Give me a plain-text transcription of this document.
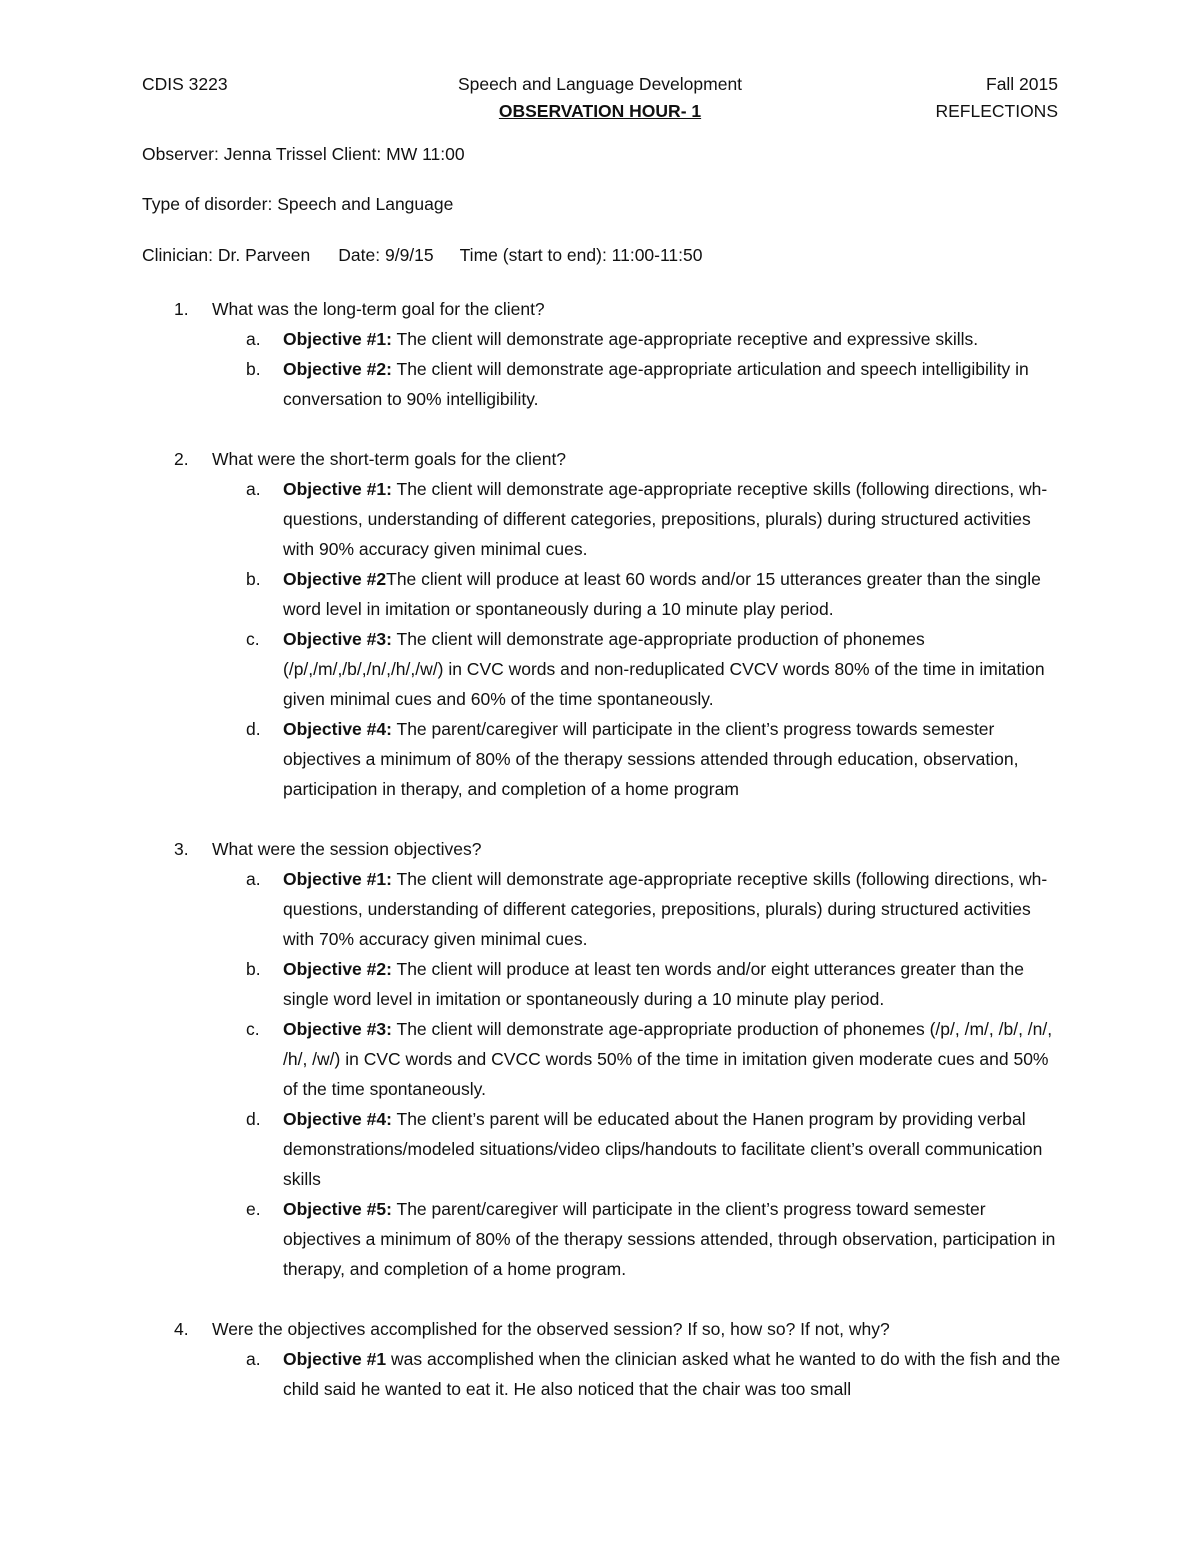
CDIS 3223	Speech and Language Development	Fall 2015
OBSERVATION HOUR- 1	REFLECTIONS
Observer: Jenna Trissel Client: MW 11:00
Type of disorder: Speech and Language
Clinician: Dr. Parveen Date: 9/9/15 Time (start to end): 11:00-11:50
1. What was the long-term goal for the client?
a. Objective #1: The client will demonstrate age-appropriate receptive and expressive skills.
b. Objective #2: The client will demonstrate age-appropriate articulation and speech intelligibility in conversation to 90% intelligibility.
2. What were the short-term goals for the client?
a. Objective #1: The client will demonstrate age-appropriate receptive skills (following directions, wh-questions, understanding of different categories, prepositions, plurals) during structured activities with 90% accuracy given minimal cues.
b. Objective #2The client will produce at least 60 words and/or 15 utterances greater than the single word level in imitation or spontaneously during a 10 minute play period.
c. Objective #3: The client will demonstrate age-appropriate production of phonemes (/p/,/m/,/b/,/n/,/h/,/w/) in CVC words and non-reduplicated CVCV words 80% of the time in imitation given minimal cues and 60% of the time spontaneously.
d. Objective #4: The parent/caregiver will participate in the client’s progress towards semester objectives a minimum of 80% of the therapy sessions attended through education, observation, participation in therapy, and completion of a home program
3. What were the session objectives?
a. Objective #1: The client will demonstrate age-appropriate receptive skills (following directions, wh-questions, understanding of different categories, prepositions, plurals) during structured activities with 70% accuracy given minimal cues.
b. Objective #2: The client will produce at least ten words and/or eight utterances greater than the single word level in imitation or spontaneously during a 10 minute play period.
c. Objective #3: The client will demonstrate age-appropriate production of phonemes (/p/, /m/, /b/, /n/, /h/, /w/) in CVC words and CVCC words 50% of the time in imitation given moderate cues and 50% of the time spontaneously.
d. Objective #4: The client’s parent will be educated about the Hanen program by providing verbal demonstrations/modeled situations/video clips/handouts to facilitate client’s overall communication skills
e. Objective #5: The parent/caregiver will participate in the client’s progress toward semester objectives a minimum of 80% of the therapy sessions attended, through observation, participation in therapy, and completion of a home program.
4. Were the objectives accomplished for the observed session? If so, how so? If not, why?
a. Objective #1 was accomplished when the clinician asked what he wanted to do with the fish and the child said he wanted to eat it. He also noticed that the chair was too small
